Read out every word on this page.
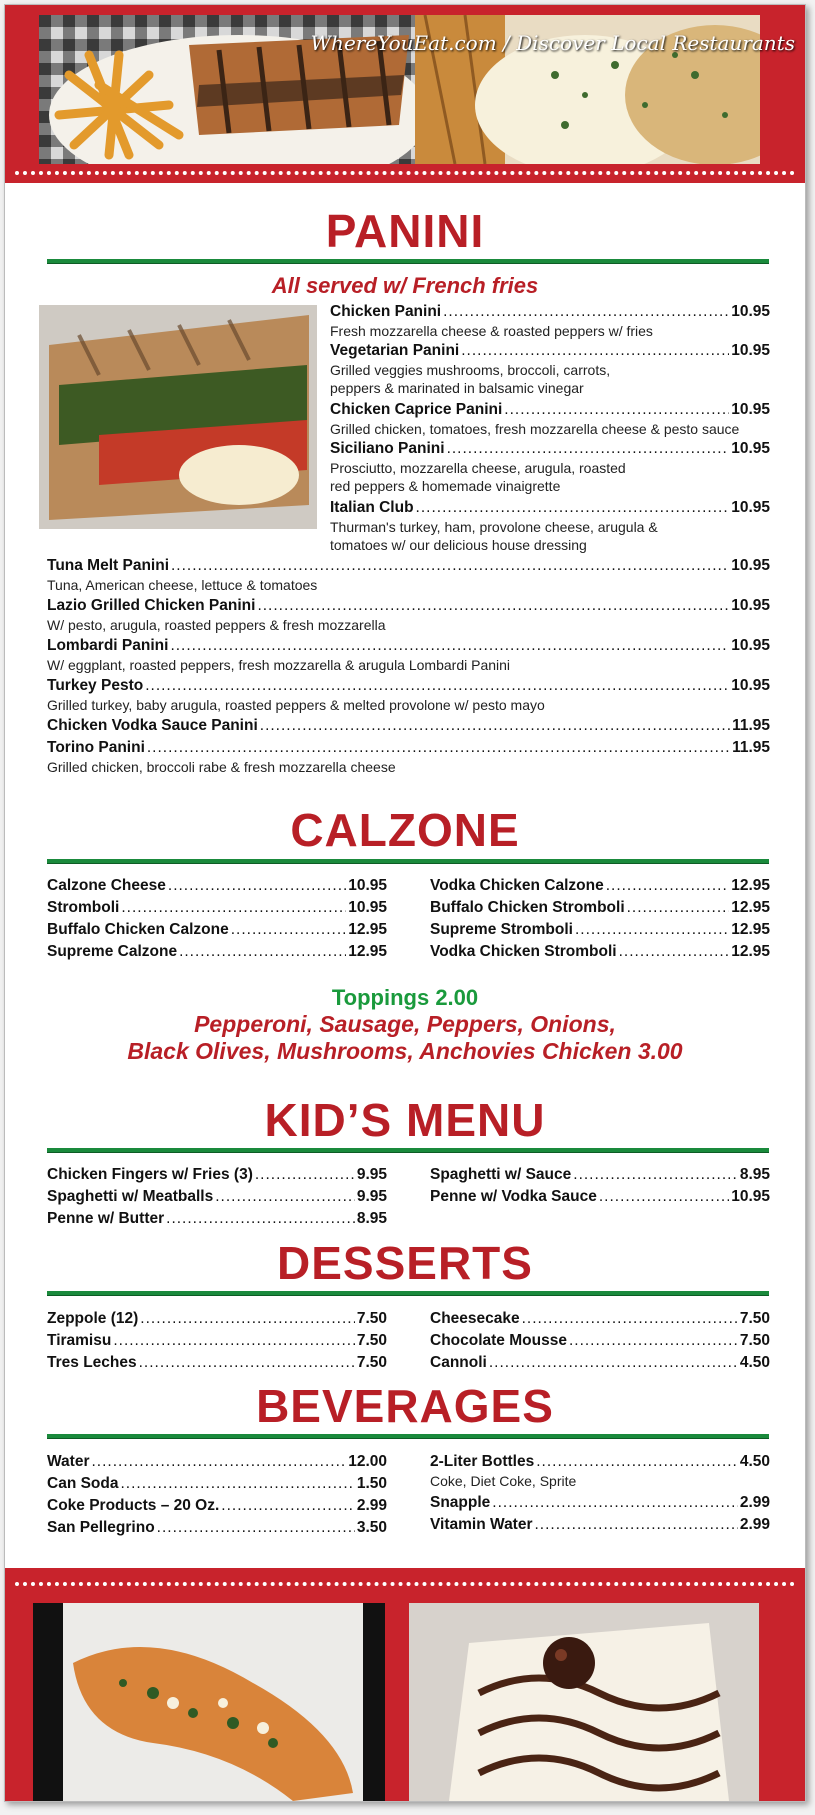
WhereYouEat.com / Discover Local Restaurants
PANINI
All served w/ French fries
Chicken Panini .....	10.95
Fresh mozzarella cheese & roasted peppers w/ fries
Vegetarian Panini .....	10.95
Grilled veggies mushrooms, broccoli, carrots, peppers & marinated in balsamic vinegar
Chicken Caprice Panini .....	10.95
Grilled chicken, tomatoes, fresh mozzarella cheese & pesto sauce
Siciliano Panini .....	10.95
Prosciutto, mozzarella cheese, arugula, roasted red peppers & homemade vinaigrette
Italian Club .....	10.95
Thurman's turkey, ham, provolone cheese, arugula & tomatoes w/ our delicious house dressing
Tuna Melt Panini .....	10.95
Tuna, American cheese, lettuce & tomatoes
Lazio Grilled Chicken Panini .....	10.95
W/ pesto, arugula, roasted peppers & fresh mozzarella
Lombardi Panini .....	10.95
W/ eggplant, roasted peppers, fresh mozzarella & arugula Lombardi Panini
Turkey Pesto .....	10.95
Grilled turkey, baby arugula, roasted peppers & melted provolone w/ pesto mayo
Chicken Vodka Sauce Panini .....	11.95
Torino Panini .....	11.95
Grilled chicken, broccoli rabe & fresh mozzarella cheese
CALZONE
Calzone Cheese .....	10.95
Stromboli .....	10.95
Buffalo Chicken Calzone .....	12.95
Supreme Calzone .....	12.95
Vodka Chicken Calzone .....	12.95
Buffalo Chicken Stromboli .....	12.95
Supreme Stromboli .....	12.95
Vodka Chicken Stromboli .....	12.95
Toppings 2.00
Pepperoni, Sausage, Peppers, Onions,
Black Olives, Mushrooms, Anchovies Chicken 3.00
KID’S MENU
Chicken Fingers w/ Fries (3) .....	9.95
Spaghetti w/ Meatballs .....	9.95
Penne w/ Butter .....	8.95
Spaghetti w/ Sauce .....	8.95
Penne w/ Vodka Sauce .....	10.95
DESSERTS
Zeppole (12) .....	7.50
Tiramisu .....	7.50
Tres Leches .....	7.50
Cheesecake .....	7.50
Chocolate Mousse .....	7.50
Cannoli .....	4.50
BEVERAGES
Water .....	12.00
Can Soda .....	1.50
Coke Products – 20 Oz. .....	2.99
San Pellegrino .....	3.50
2-Liter Bottles .....	4.50
Coke, Diet Coke, Sprite
Snapple .....	2.99
Vitamin Water .....	2.99
